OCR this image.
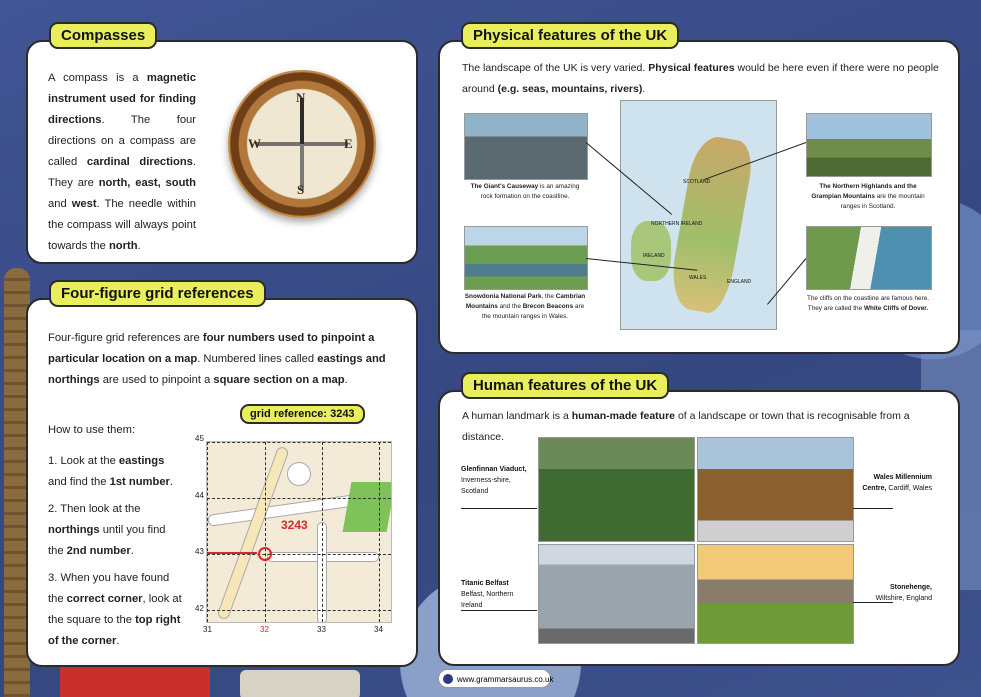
Compasses
A compass is a magnetic instrument used for finding directions. The four directions on a compass are called cardinal directions. They are north, east, south and west. The needle within the compass will always point towards the north.
N
E
S
W
Four-figure grid references
Four-figure grid references are four numbers used to pinpoint a particular location on a map. Numbered lines called eastings and northings are used to pinpoint a square section on a map.
How to use them:
1. Look at the eastings and find the 1st number.
2. Then look at the northings until you find the 2nd number.
3. When you have found the correct corner, look at the square to the top right of the corner.
grid reference: 3243
3243
45
44
43
42
31	32	33	34
Physical features of the UK
The landscape of the UK is very varied. Physical features would be here even if there were no people around (e.g. seas, mountains, rivers).
SCOTLAND
NORTHERN IRELAND
IRELAND
WALES
ENGLAND
The Giant's Causeway is an amazing rock formation on the coastline.
Snowdonia National Park, the Cambrian Mountains and the Brecon Beacons are the mountain ranges in Wales.
The Northern Highlands and the Grampian Mountains are the mountain ranges in Scotland.
The cliffs on the coastline are famous here. They are called the White Cliffs of Dover.
Human features of the UK
A human landmark is a human-made feature of a landscape or town that is recognisable from a distance.
Glenfinnan Viaduct, Inverness-shire, Scotland
Wales Millennium Centre, Cardiff, Wales
Titanic Belfast Belfast, Northern Ireland
Stonehenge, Wiltshire, England
www.grammarsaurus.co.uk
